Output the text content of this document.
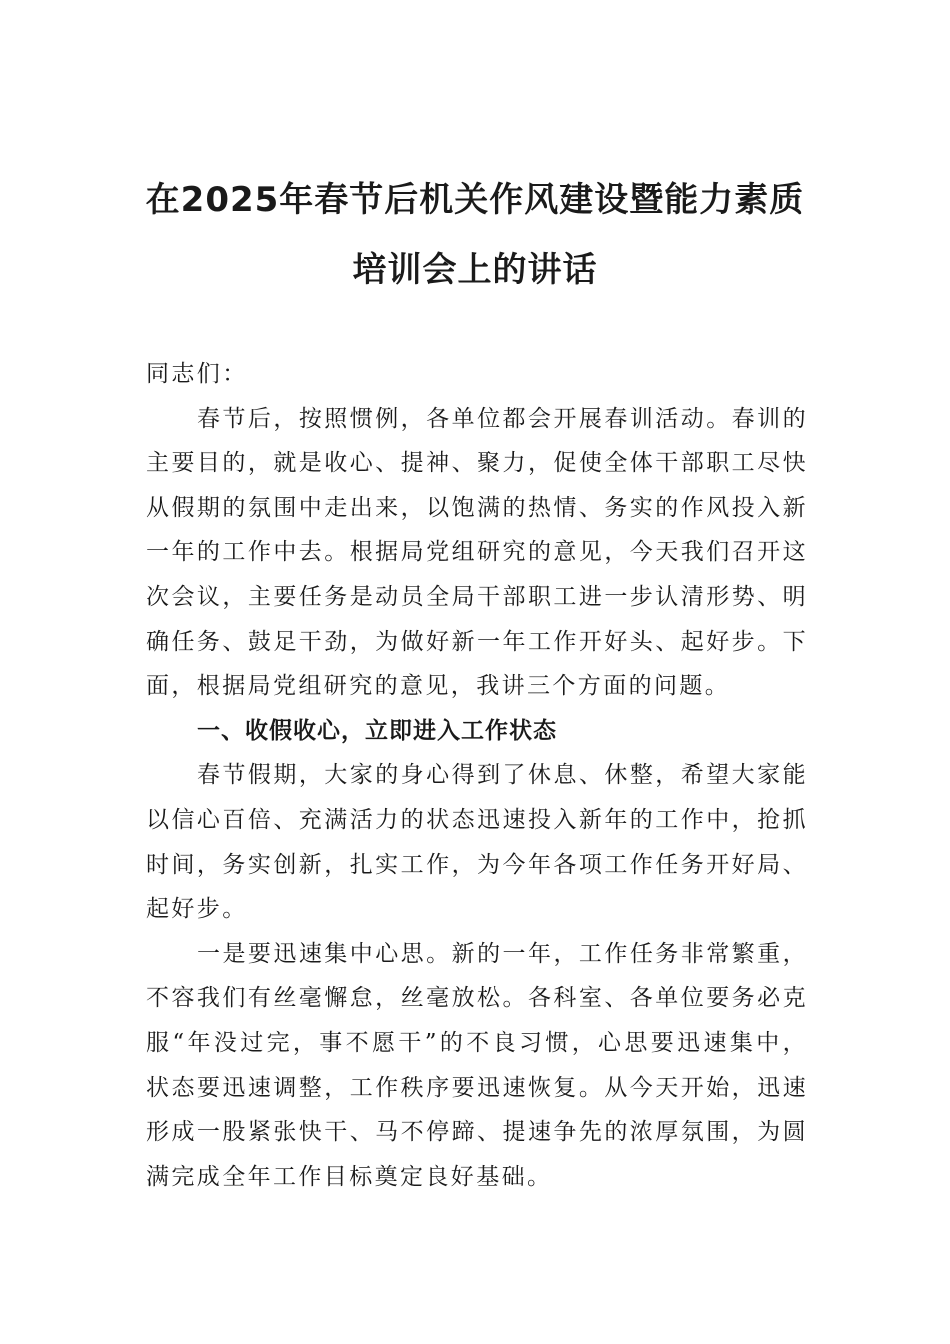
在2025年春节后机关作风建设暨能力素质
培训会上的讲话

同志们：

春节后，按照惯例，各单位都会开展春训活动。春训的主要目的，就是收心、提神、聚力，促使全体干部职工尽快从假期的氛围中走出来，以饱满的热情、务实的作风投入新一年的工作中去。根据局党组研究的意见，今天我们召开这次会议，主要任务是动员全局干部职工进一步认清形势、明确任务、鼓足干劲，为做好新一年工作开好头、起好步。下面，根据局党组研究的意见，我讲三个方面的问题。

一、收假收心，立即进入工作状态

春节假期，大家的身心得到了休息、休整，希望大家能以信心百倍、充满活力的状态迅速投入新年的工作中，抢抓时间，务实创新，扎实工作，为今年各项工作任务开好局、起好步。

一是要迅速集中心思。新的一年，工作任务非常繁重，不容我们有丝毫懈怠，丝毫放松。各科室、各单位要务必克服“年没过完，事不愿干”的不良习惯，心思要迅速集中，状态要迅速调整，工作秩序要迅速恢复。从今天开始，迅速形成一股紧张快干、马不停蹄、提速争先的浓厚氛围，为圆满完成全年工作目标奠定良好基础。
